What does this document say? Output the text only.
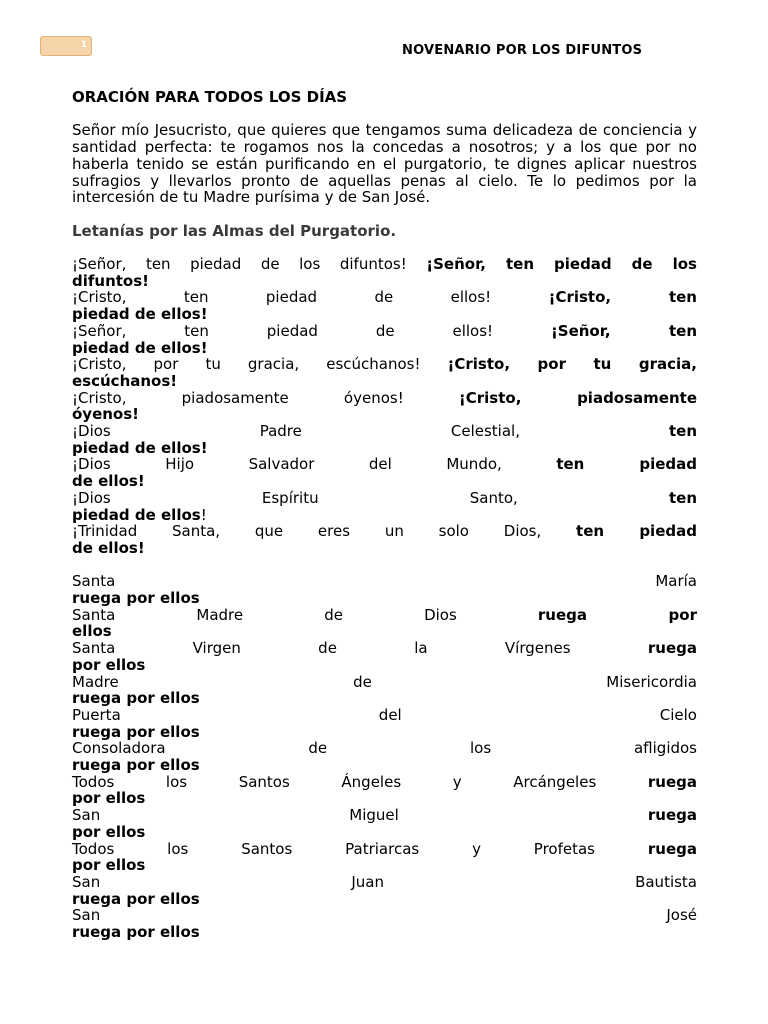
1	NOVENARIO POR LOS DIFUNTOS
ORACIÓN PARA TODOS LOS DÍAS
Señor mío Jesucristo, que quieres que tengamos suma delicadeza de conciencia y santidad perfecta: te rogamos nos la concedas a nosotros; y a los que por no haberla tenido se están purificando en el purgatorio, te dignes aplicar nuestros sufragios y llevarlos pronto de aquellas penas al cielo. Te lo pedimos por la intercesión de tu Madre purísima y de San José.
Letanías por las Almas del Purgatorio.
¡Señor, ten piedad de los difuntos! ¡Señor, ten piedad de los
difuntos!
¡Cristo, ten piedad de ellos!	¡Cristo, ten
piedad de ellos!
¡Señor, ten piedad de ellos!	¡Señor, ten
piedad de ellos!
¡Cristo, por tu gracia, escúchanos! ¡Cristo, por tu gracia,
escúchanos!
¡Cristo, piadosamente óyenos!	¡Cristo, piadosamente
óyenos!
¡Dios Padre Celestial,	ten
piedad de ellos!
¡Dios Hijo Salvador del Mundo,	ten piedad
de ellos!
¡Dios Espíritu Santo,	ten
piedad de ellos!
¡Trinidad Santa, que eres un solo Dios, ten piedad
de ellos!
Santa María
ruega por ellos
Santa Madre de Dios	ruega por
ellos
Santa Virgen de la Vírgenes	ruega
por ellos
Madre de Misericordia
ruega por ellos
Puerta del Cielo
ruega por ellos
Consoladora de los afligidos
ruega por ellos
Todos los Santos Ángeles y Arcángeles	ruega
por ellos
San Miguel	ruega
por ellos
Todos los Santos Patriarcas y Profetas	ruega
por ellos
San Juan Bautista
ruega por ellos
San José
ruega por ellos
